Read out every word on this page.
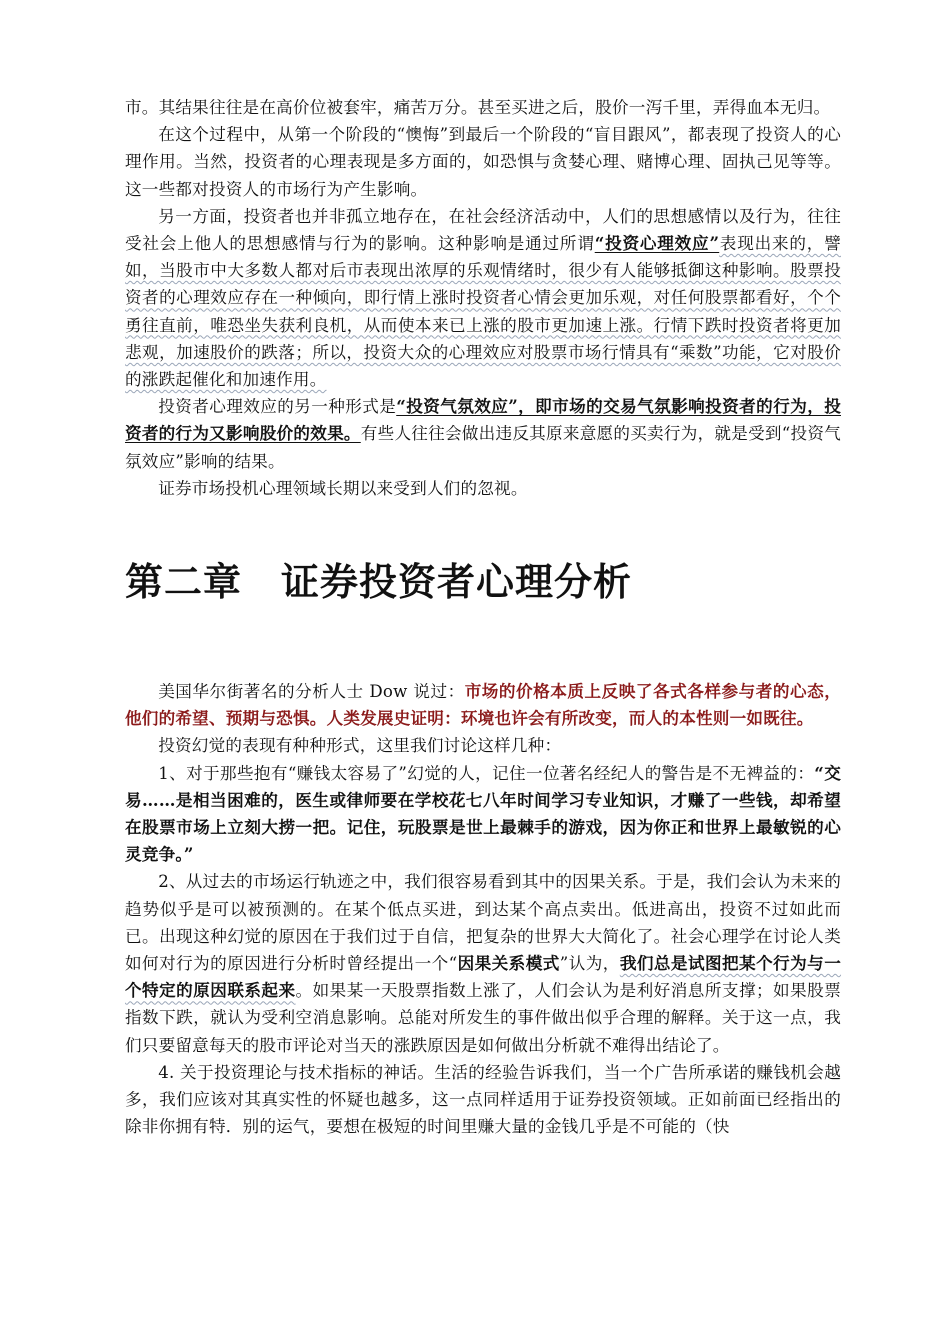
市。其结果往往是在高价位被套牢，痛苦万分。甚至买进之后，股价一泻千里，弄得血本无归。

在这个过程中，从第一个阶段的“懊悔”到最后一个阶段的“盲目跟风”，都表现了投资人的心理作用。当然，投资者的心理表现是多方面的，如恐惧与贪婪心理、赌博心理、固执己见等等。这一些都对投资人的市场行为产生影响。

另一方面，投资者也并非孤立地存在，在社会经济活动中，人们的思想感情以及行为，往往受社会上他人的思想感情与行为的影响。这种影响是通过所谓“投资心理效应”表现出来的，譬如，当股市中大多数人都对后市表现出浓厚的乐观情绪时，很少有人能够抵御这种影响。股票投资者的心理效应存在一种倾向，即行情上涨时投资者心情会更加乐观，对任何股票都看好，个个勇往直前，唯恐坐失获利良机，从而使本来已上涨的股市更加速上涨。行情下跌时投资者将更加悲观，加速股价的跌落；所以，投资大众的心理效应对股票市场行情具有“乘数”功能，它对股价的涨跌起催化和加速作用。

投资者心理效应的另一种形式是“投资气氛效应”，即市场的交易气氛影响投资者的行为，投资者的行为又影响股价的效果。有些人往往会做出违反其原来意愿的买卖行为，就是受到“投资气氛效应”影响的结果。

证券市场投机心理领域长期以来受到人们的忽视。

第二章　证券投资者心理分析

美国华尔街著名的分析人士 Dow 说过：市场的价格本质上反映了各式各样参与者的心态，他们的希望、预期与恐惧。人类发展史证明：环境也许会有所改变，而人的本性则一如既往。

投资幻觉的表现有种种形式，这里我们讨论这样几种：

1、对于那些抱有“赚钱太容易了”幻觉的人，记住一位著名经纪人的警告是不无裨益的：“交易……是相当困难的，医生或律师要在学校花七八年时间学习专业知识，才赚了一些钱，却希望在股票市场上立刻大捞一把。记住，玩股票是世上最棘手的游戏，因为你正和世界上最敏锐的心灵竞争。”

2、从过去的市场运行轨迹之中，我们很容易看到其中的因果关系。于是，我们会认为未来的趋势似乎是可以被预测的。在某个低点买进，到达某个高点卖出。低进高出，投资不过如此而已。出现这种幻觉的原因在于我们过于自信，把复杂的世界大大简化了。社会心理学在讨论人类如何对行为的原因进行分析时曾经提出一个“因果关系模式”认为，我们总是试图把某个行为与一个特定的原因联系起来。如果某一天股票指数上涨了，人们会认为是利好消息所支撑；如果股票指数下跌，就认为受利空消息影响。总能对所发生的事件做出似乎合理的解释。关于这一点，我们只要留意每天的股市评论对当天的涨跌原因是如何做出分析就不难得出结论了。

4. 关于投资理论与技术指标的神话。生活的经验告诉我们，当一个广告所承诺的赚钱机会越多，我们应该对其真实性的怀疑也越多，这一点同样适用于证券投资领域。正如前面已经指出的除非你拥有特．别的运气，要想在极短的时间里赚大量的金钱几乎是不可能的（快
